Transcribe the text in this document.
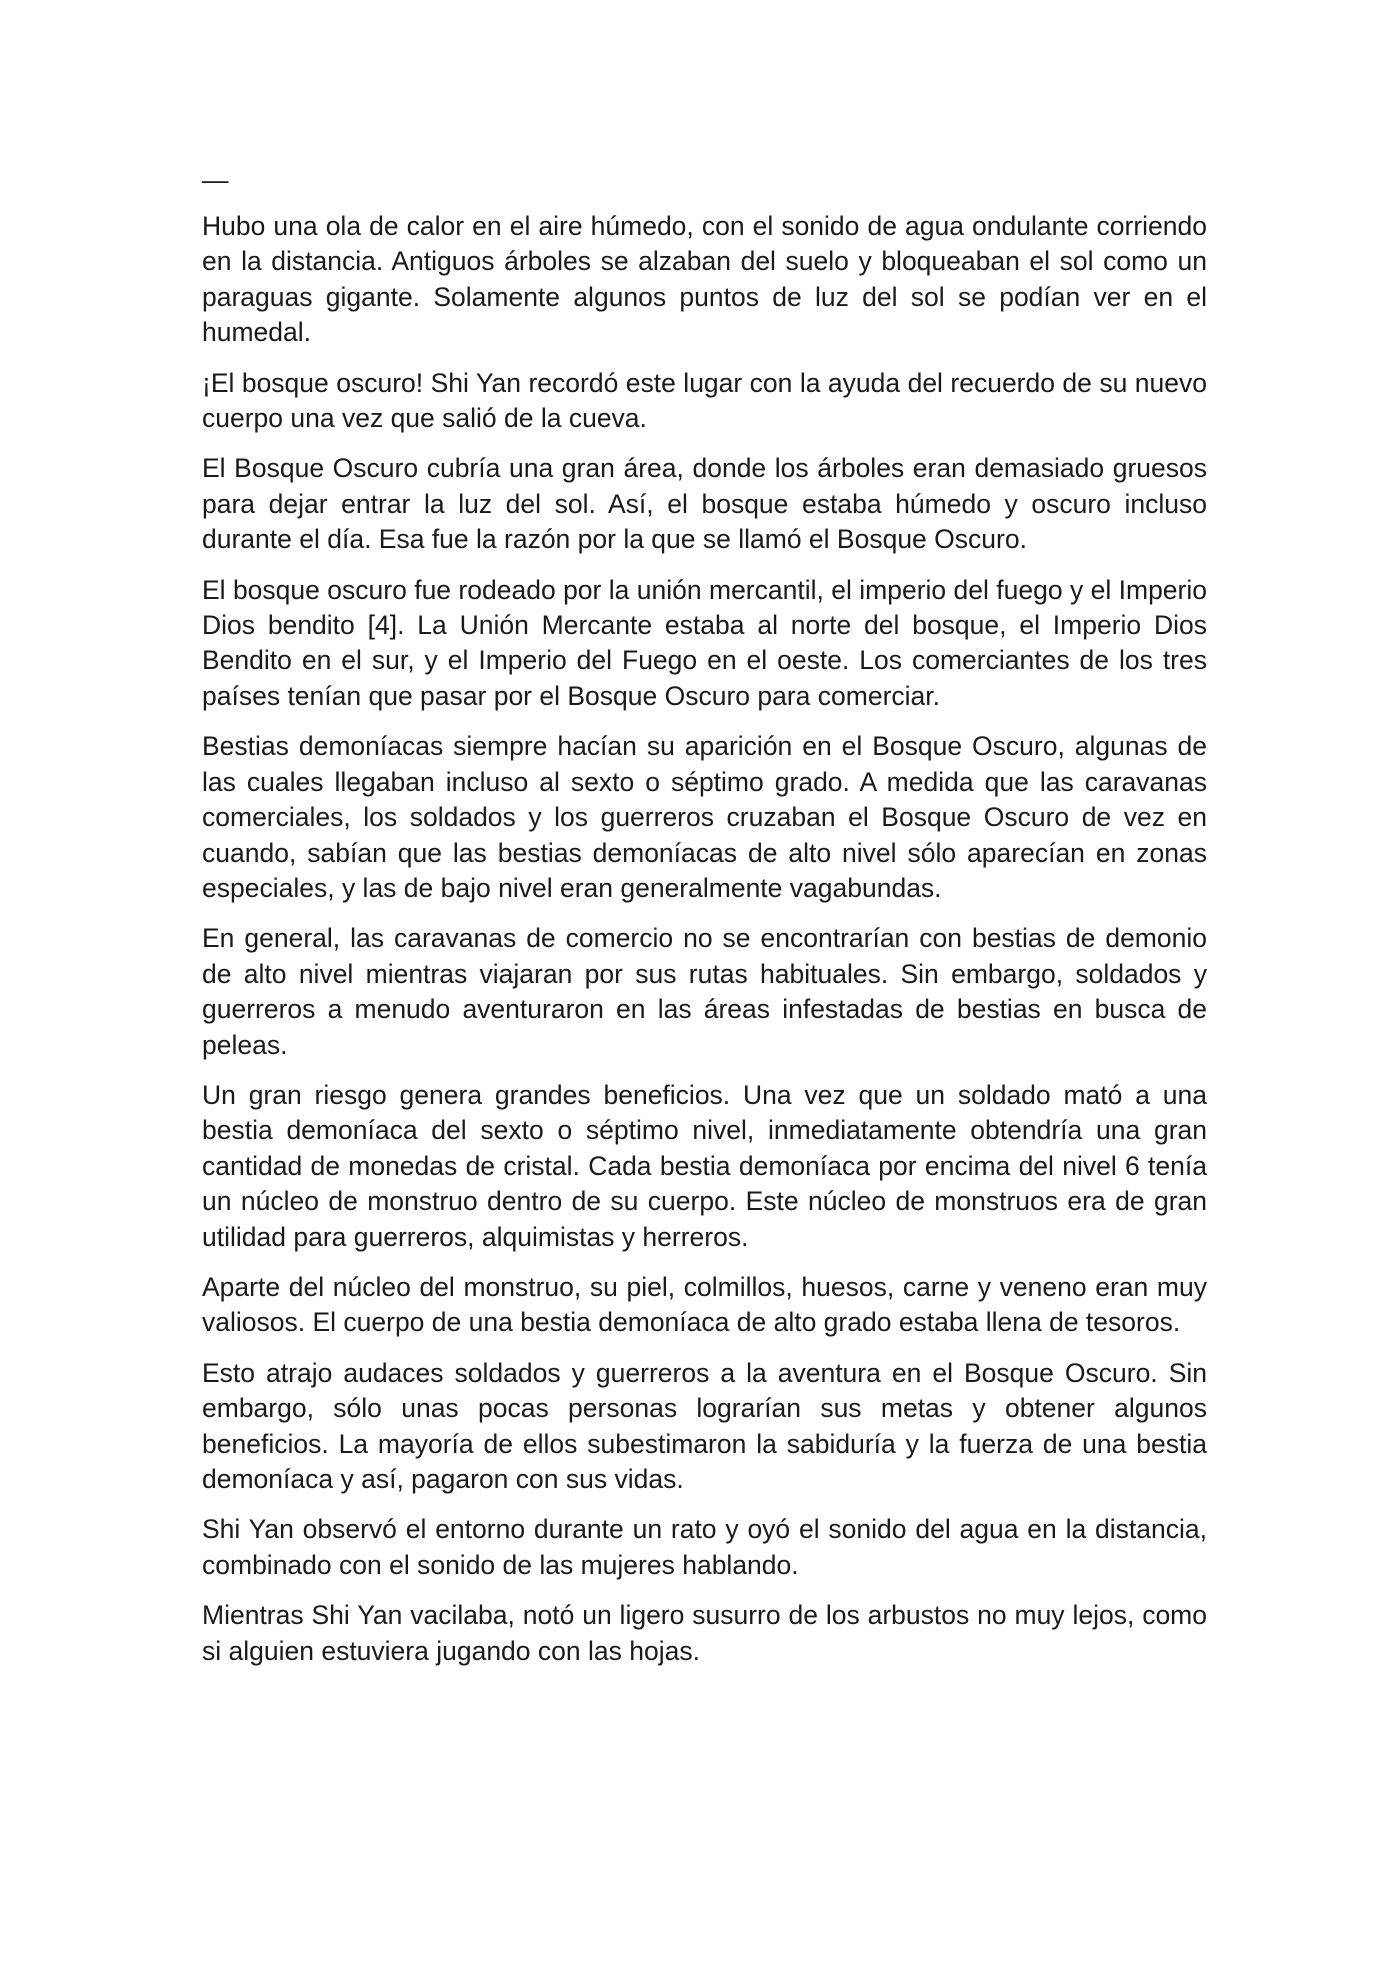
—

Hubo una ola de calor en el aire húmedo, con el sonido de agua ondulante corriendo en la distancia. Antiguos árboles se alzaban del suelo y bloqueaban el sol como un paraguas gigante. Solamente algunos puntos de luz del sol se podían ver en el humedal.

¡El bosque oscuro! Shi Yan recordó este lugar con la ayuda del recuerdo de su nuevo cuerpo una vez que salió de la cueva.

El Bosque Oscuro cubría una gran área, donde los árboles eran demasiado gruesos para dejar entrar la luz del sol. Así, el bosque estaba húmedo y oscuro incluso durante el día. Esa fue la razón por la que se llamó el Bosque Oscuro.

El bosque oscuro fue rodeado por la unión mercantil, el imperio del fuego y el Imperio Dios bendito [4]. La Unión Mercante estaba al norte del bosque, el Imperio Dios Bendito en el sur, y el Imperio del Fuego en el oeste. Los comerciantes de los tres países tenían que pasar por el Bosque Oscuro para comerciar.

Bestias demoníacas siempre hacían su aparición en el Bosque Oscuro, algunas de las cuales llegaban incluso al sexto o séptimo grado. A medida que las caravanas comerciales, los soldados y los guerreros cruzaban el Bosque Oscuro de vez en cuando, sabían que las bestias demoníacas de alto nivel sólo aparecían en zonas especiales, y las de bajo nivel eran generalmente vagabundas.

En general, las caravanas de comercio no se encontrarían con bestias de demonio de alto nivel mientras viajaran por sus rutas habituales. Sin embargo, soldados y guerreros a menudo aventuraron en las áreas infestadas de bestias en busca de peleas.

Un gran riesgo genera grandes beneficios. Una vez que un soldado mató a una bestia demoníaca del sexto o séptimo nivel, inmediatamente obtendría una gran cantidad de monedas de cristal. Cada bestia demoníaca por encima del nivel 6 tenía un núcleo de monstruo dentro de su cuerpo. Este núcleo de monstruos era de gran utilidad para guerreros, alquimistas y herreros.

Aparte del núcleo del monstruo, su piel, colmillos, huesos, carne y veneno eran muy valiosos. El cuerpo de una bestia demoníaca de alto grado estaba llena de tesoros.

Esto atrajo audaces soldados y guerreros a la aventura en el Bosque Oscuro. Sin embargo, sólo unas pocas personas lograrían sus metas y obtener algunos beneficios. La mayoría de ellos subestimaron la sabiduría y la fuerza de una bestia demoníaca y así, pagaron con sus vidas.

Shi Yan observó el entorno durante un rato y oyó el sonido del agua en la distancia, combinado con el sonido de las mujeres hablando.

Mientras Shi Yan vacilaba, notó un ligero susurro de los arbustos no muy lejos, como si alguien estuviera jugando con las hojas.
